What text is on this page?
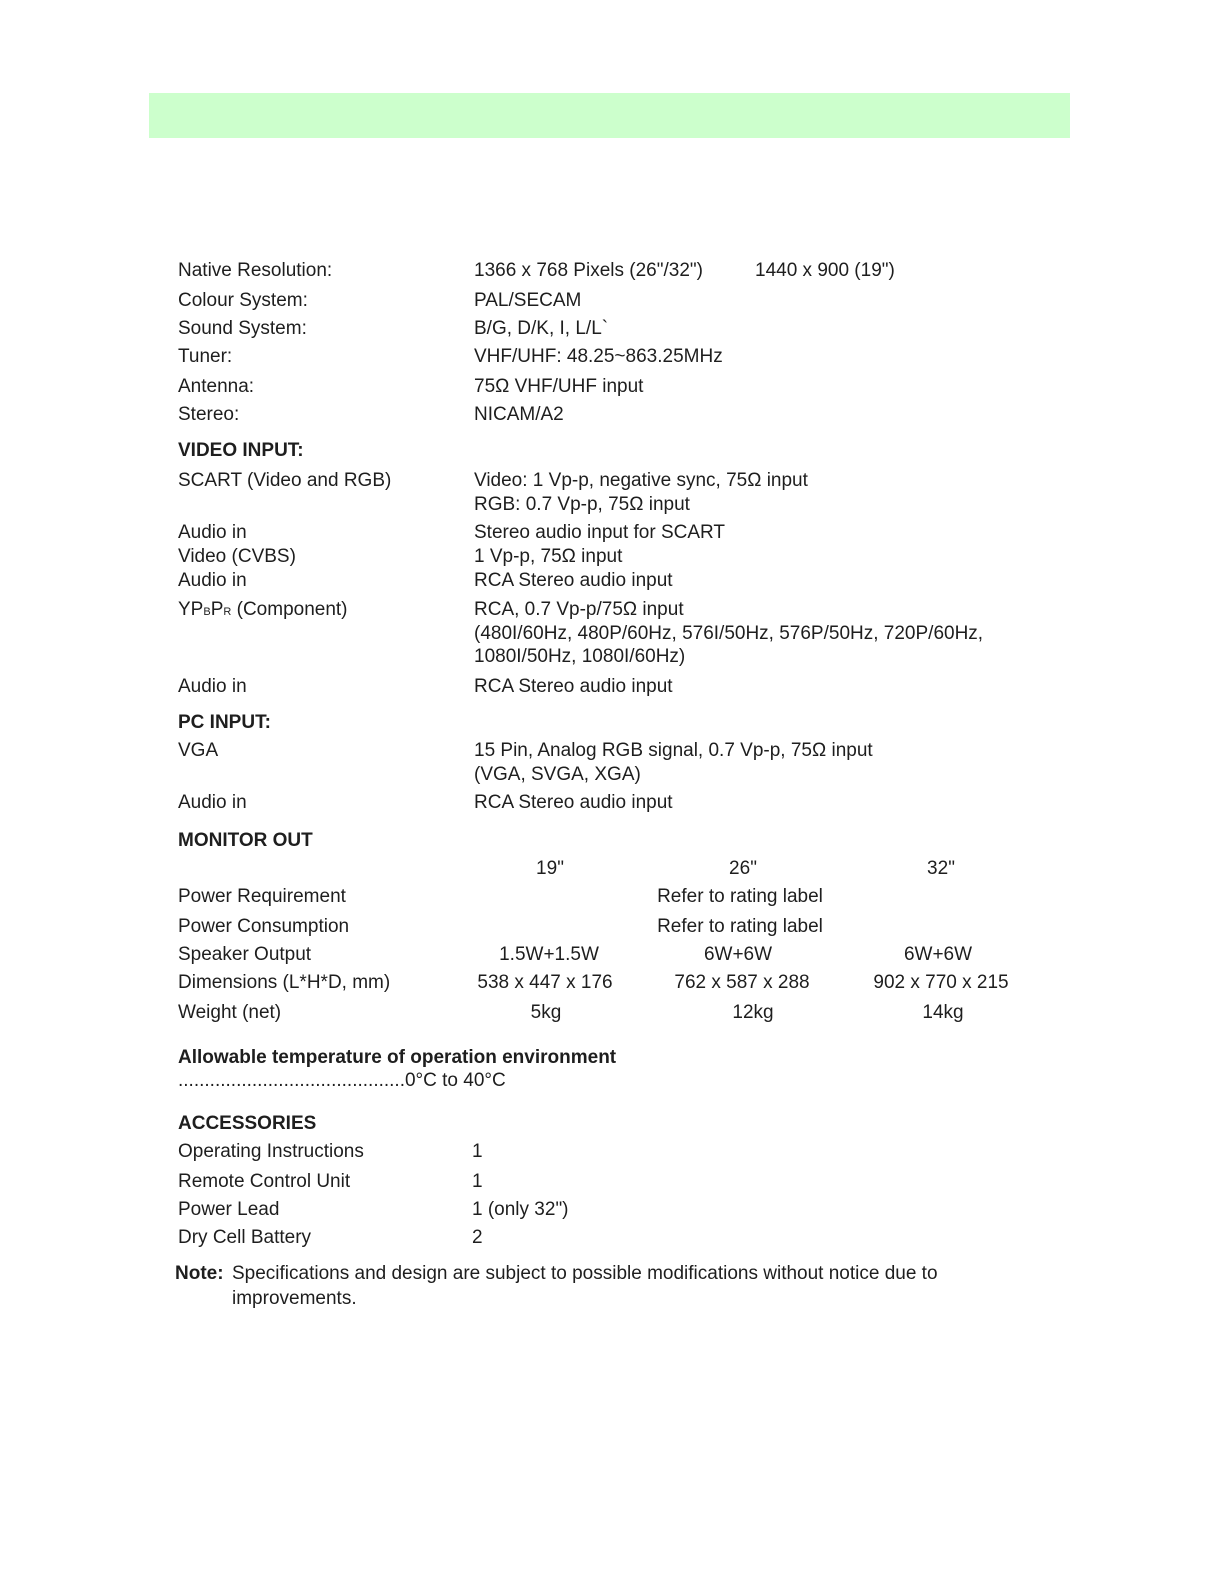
Native Resolution:	1366 x 768 Pixels (26"/32")	1440 x 900 (19")
Colour System:	PAL/SECAM
Sound System:	B/G, D/K, I, L/L`
Tuner:	VHF/UHF: 48.25~863.25MHz
Antenna:	75Ω VHF/UHF input
Stereo:	NICAM/A2
VIDEO INPUT:
SCART (Video and RGB)	Video: 1 Vp-p, negative sync, 75Ω input
RGB: 0.7 Vp-p, 75Ω input
Audio in	Stereo audio input for SCART
Video (CVBS)	1 Vp-p, 75Ω input
Audio in	RCA Stereo audio input
YPBPR (Component)	RCA, 0.7 Vp-p/75Ω input
(480I/60Hz, 480P/60Hz, 576I/50Hz, 576P/50Hz, 720P/60Hz,
1080I/50Hz, 1080I/60Hz)
Audio in	RCA Stereo audio input
PC INPUT:
VGA	15 Pin, Analog RGB signal, 0.7 Vp-p, 75Ω input
(VGA, SVGA, XGA)
Audio in	RCA Stereo audio input
MONITOR OUT
19"	26"	32"
Power Requirement	Refer to rating label
Power Consumption	Refer to rating label
Speaker Output	1.5W+1.5W	6W+6W	6W+6W
Dimensions (L*H*D, mm)	538 x 447 x 176	762 x 587 x 288	902 x 770 x 215
Weight (net)	5kg	12kg	14kg
Allowable temperature of operation environment
...........................................0°C to 40°C
ACCESSORIES
Operating Instructions	1
Remote Control Unit	1
Power Lead	1 (only 32")
Dry Cell Battery	2
Note: Specifications and design are subject to possible modifications without notice due to
improvements.
